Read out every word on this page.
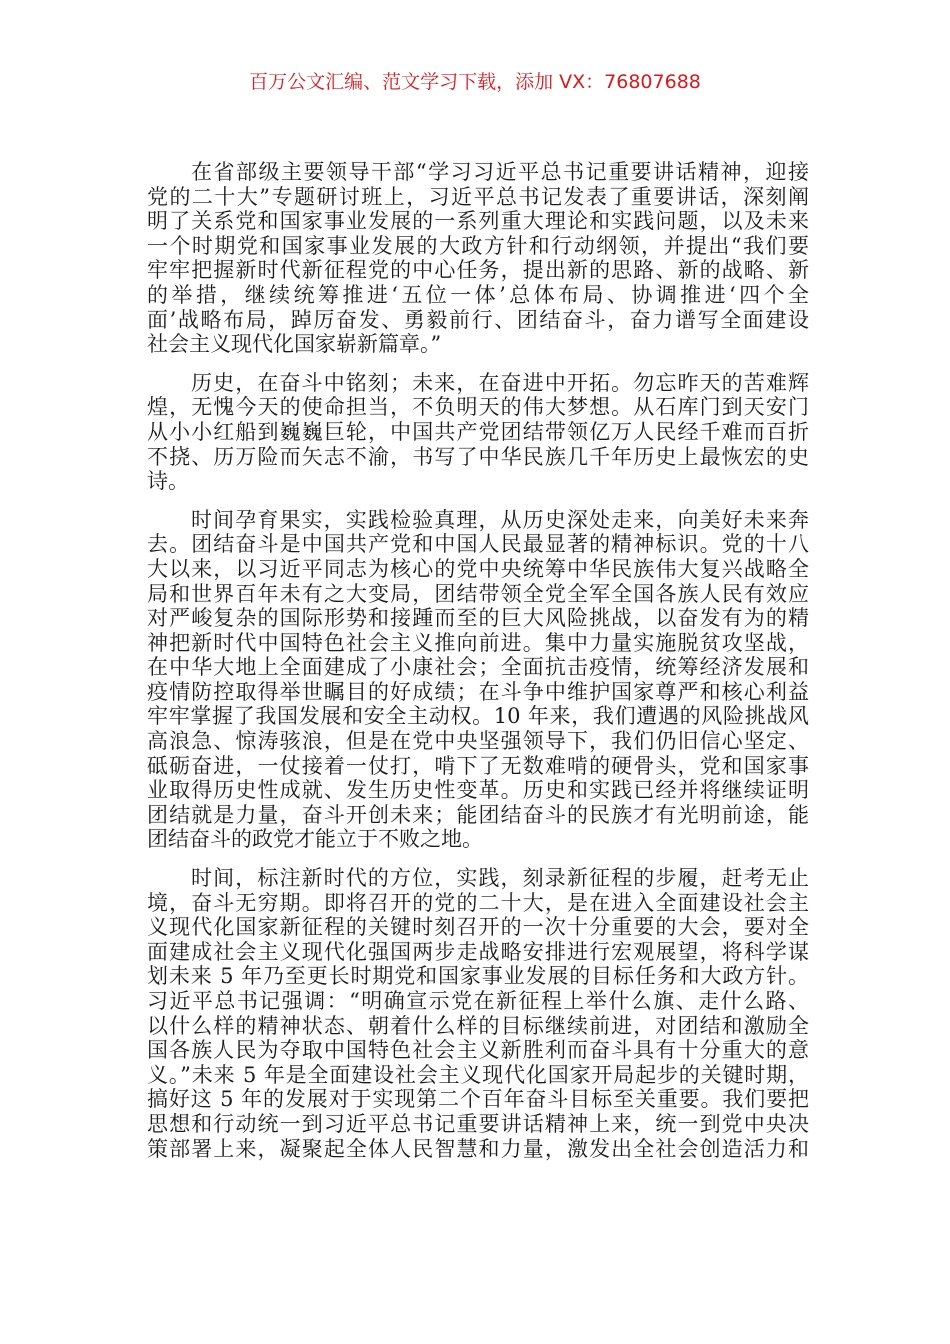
百万公文汇编、范文学习下载，添加 VX：76807688
在省部级主要领导干部“学习习近平总书记重要讲话精神，迎接
党的二十大”专题研讨班上，习近平总书记发表了重要讲话，深刻阐
明了关系党和国家事业发展的一系列重大理论和实践问题，以及未来
一个时期党和国家事业发展的大政方针和行动纲领，并提出“我们要
牢牢把握新时代新征程党的中心任务，提出新的思路、新的战略、新
的举措，继续统筹推进‘五位一体’总体布局、协调推进‘四个全
面’战略布局，踔厉奋发、勇毅前行、团结奋斗，奋力谱写全面建设
社会主义现代化国家崭新篇章。”
历史，在奋斗中铭刻；未来，在奋进中开拓。勿忘昨天的苦难辉
煌，无愧今天的使命担当，不负明天的伟大梦想。从石库门到天安门
从小小红船到巍巍巨轮，中国共产党团结带领亿万人民经千难而百折
不挠、历万险而矢志不渝，书写了中华民族几千年历史上最恢宏的史
诗。
时间孕育果实，实践检验真理，从历史深处走来，向美好未来奔
去。团结奋斗是中国共产党和中国人民最显著的精神标识。党的十八
大以来，以习近平同志为核心的党中央统筹中华民族伟大复兴战略全
局和世界百年未有之大变局，团结带领全党全军全国各族人民有效应
对严峻复杂的国际形势和接踵而至的巨大风险挑战，以奋发有为的精
神把新时代中国特色社会主义推向前进。集中力量实施脱贫攻坚战，
在中华大地上全面建成了小康社会；全面抗击疫情，统筹经济发展和
疫情防控取得举世瞩目的好成绩；在斗争中维护国家尊严和核心利益
牢牢掌握了我国发展和安全主动权。10 年来，我们遭遇的风险挑战风
高浪急、惊涛骇浪，但是在党中央坚强领导下，我们仍旧信心坚定、
砥砺奋进，一仗接着一仗打，啃下了无数难啃的硬骨头，党和国家事
业取得历史性成就、发生历史性变革。历史和实践已经并将继续证明
团结就是力量，奋斗开创未来；能团结奋斗的民族才有光明前途，能
团结奋斗的政党才能立于不败之地。
时间，标注新时代的方位，实践，刻录新征程的步履，赶考无止
境，奋斗无穷期。即将召开的党的二十大，是在进入全面建设社会主
义现代化国家新征程的关键时刻召开的一次十分重要的大会，要对全
面建成社会主义现代化强国两步走战略安排进行宏观展望，将科学谋
划未来 5 年乃至更长时期党和国家事业发展的目标任务和大政方针。
习近平总书记强调：“明确宣示党在新征程上举什么旗、走什么路、
以什么样的精神状态、朝着什么样的目标继续前进，对团结和激励全
国各族人民为夺取中国特色社会主义新胜利而奋斗具有十分重大的意
义。”未来 5 年是全面建设社会主义现代化国家开局起步的关键时期，
搞好这 5 年的发展对于实现第二个百年奋斗目标至关重要。我们要把
思想和行动统一到习近平总书记重要讲话精神上来，统一到党中央决
策部署上来，凝聚起全体人民智慧和力量，激发出全社会创造活力和
